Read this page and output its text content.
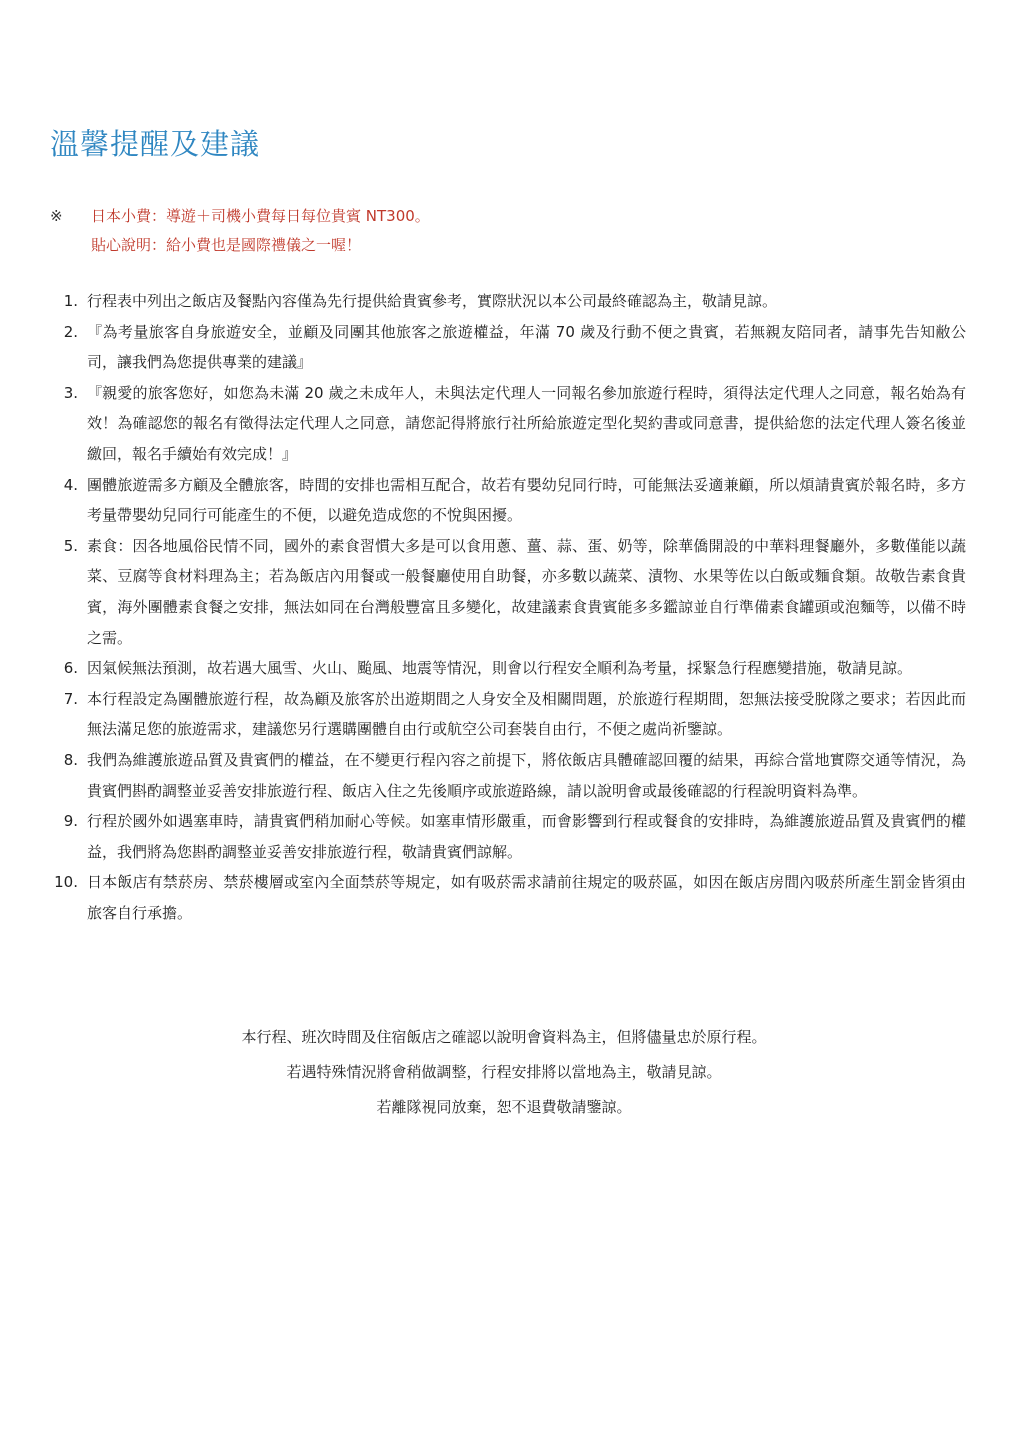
溫馨提醒及建議
※ 日本小費：導遊＋司機小費每日每位貴賓 NT300。
貼心說明：給小費也是國際禮儀之一喔！
1. 行程表中列出之飯店及餐點內容僅為先行提供給貴賓參考，實際狀況以本公司最終確認為主，敬請見諒。
2. 『為考量旅客自身旅遊安全，並顧及同團其他旅客之旅遊權益，年滿 70 歲及行動不便之貴賓，若無親友陪同者，請事先告知敝公司，讓我們為您提供專業的建議』
3. 『親愛的旅客您好，如您為未滿 20 歲之未成年人，未與法定代理人一同報名參加旅遊行程時，須得法定代理人之同意，報名始為有效！為確認您的報名有徵得法定代理人之同意，請您記得將旅行社所給旅遊定型化契約書或同意書，提供給您的法定代理人簽名後並繳回，報名手續始有效完成！』
4. 團體旅遊需多方顧及全體旅客，時間的安排也需相互配合，故若有嬰幼兒同行時，可能無法妥適兼顧，所以煩請貴賓於報名時，多方考量帶嬰幼兒同行可能產生的不便，以避免造成您的不悅與困擾。
5. 素食：因各地風俗民情不同，國外的素食習慣大多是可以食用蔥、薑、蒜、蛋、奶等，除華僑開設的中華料理餐廳外，多數僅能以蔬菜、豆腐等食材料理為主；若為飯店內用餐或一般餐廳使用自助餐，亦多數以蔬菜、漬物、水果等佐以白飯或麵食類。故敬告素食貴賓，海外團體素食餐之安排，無法如同在台灣般豐富且多變化，故建議素食貴賓能多多鑑諒並自行準備素食罐頭或泡麵等，以備不時之需。
6. 因氣候無法預測，故若遇大風雪、火山、颱風、地震等情況，則會以行程安全順利為考量，採緊急行程應變措施，敬請見諒。
7. 本行程設定為團體旅遊行程，故為顧及旅客於出遊期間之人身安全及相關問題，於旅遊行程期間，恕無法接受脫隊之要求；若因此而無法滿足您的旅遊需求，建議您另行選購團體自由行或航空公司套裝自由行，不便之處尚祈鑒諒。
8. 我們為維護旅遊品質及貴賓們的權益，在不變更行程內容之前提下，將依飯店具體確認回覆的結果，再綜合當地實際交通等情況，為貴賓們斟酌調整並妥善安排旅遊行程、飯店入住之先後順序或旅遊路線，請以說明會或最後確認的行程說明資料為準。
9. 行程於國外如遇塞車時，請貴賓們稍加耐心等候。如塞車情形嚴重，而會影響到行程或餐食的安排時，為維護旅遊品質及貴賓們的權益，我們將為您斟酌調整並妥善安排旅遊行程，敬請貴賓們諒解。
10. 日本飯店有禁菸房、禁菸樓層或室內全面禁菸等規定，如有吸菸需求請前往規定的吸菸區，如因在飯店房間內吸菸所產生罰金皆須由旅客自行承擔。
本行程、班次時間及住宿飯店之確認以說明會資料為主，但將儘量忠於原行程。
若遇特殊情況將會稍做調整，行程安排將以當地為主，敬請見諒。
若離隊視同放棄，恕不退費敬請鑒諒。
